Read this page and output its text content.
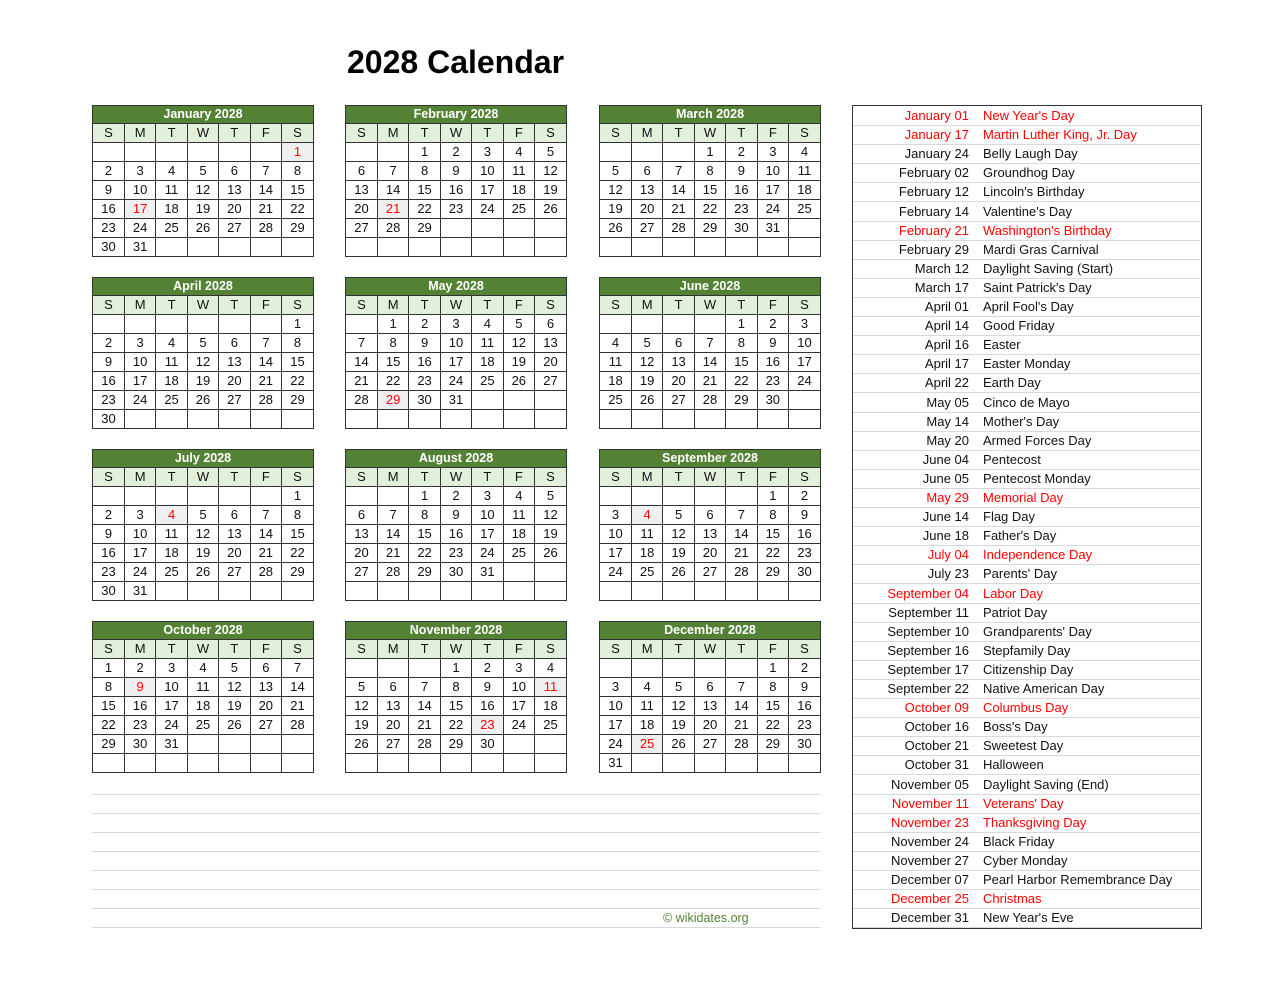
2028 Calendar
January 2028
S	M	T	W	T	F	S
						1
2	3	4	5	6	7	8
9	10	11	12	13	14	15
16	17	18	19	20	21	22
23	24	25	26	27	28	29
30	31					
February 2028
S	M	T	W	T	F	S
		1	2	3	4	5
6	7	8	9	10	11	12
13	14	15	16	17	18	19
20	21	22	23	24	25	26
27	28	29				

March 2028
S	M	T	W	T	F	S
			1	2	3	4
5	6	7	8	9	10	11
12	13	14	15	16	17	18
19	20	21	22	23	24	25
26	27	28	29	30	31	

April 2028
S	M	T	W	T	F	S
						1
2	3	4	5	6	7	8
9	10	11	12	13	14	15
16	17	18	19	20	21	22
23	24	25	26	27	28	29
30						
May 2028
S	M	T	W	T	F	S
	1	2	3	4	5	6
7	8	9	10	11	12	13
14	15	16	17	18	19	20
21	22	23	24	25	26	27
28	29	30	31			

June 2028
S	M	T	W	T	F	S
				1	2	3
4	5	6	7	8	9	10
11	12	13	14	15	16	17
18	19	20	21	22	23	24
25	26	27	28	29	30	

July 2028
S	M	T	W	T	F	S
						1
2	3	4	5	6	7	8
9	10	11	12	13	14	15
16	17	18	19	20	21	22
23	24	25	26	27	28	29
30	31					
August 2028
S	M	T	W	T	F	S
		1	2	3	4	5
6	7	8	9	10	11	12
13	14	15	16	17	18	19
20	21	22	23	24	25	26
27	28	29	30	31		

September 2028
S	M	T	W	T	F	S
					1	2
3	4	5	6	7	8	9
10	11	12	13	14	15	16
17	18	19	20	21	22	23
24	25	26	27	28	29	30

October 2028
S	M	T	W	T	F	S
1	2	3	4	5	6	7
8	9	10	11	12	13	14
15	16	17	18	19	20	21
22	23	24	25	26	27	28
29	30	31				

November 2028
S	M	T	W	T	F	S
			1	2	3	4
5	6	7	8	9	10	11
12	13	14	15	16	17	18
19	20	21	22	23	24	25
26	27	28	29	30		

December 2028
S	M	T	W	T	F	S
					1	2
3	4	5	6	7	8	9
10	11	12	13	14	15	16
17	18	19	20	21	22	23
24	25	26	27	28	29	30
31						
© wikidates.org
January 01 New Year's Day
January 17 Martin Luther King, Jr. Day
January 24 Belly Laugh Day
February 02 Groundhog Day
February 12 Lincoln's Birthday
February 14 Valentine's Day
February 21 Washington's Birthday
February 29 Mardi Gras Carnival
March 12 Daylight Saving (Start)
March 17 Saint Patrick's Day
April 01 April Fool's Day
April 14 Good Friday
April 16 Easter
April 17 Easter Monday
April 22 Earth Day
May 05 Cinco de Mayo
May 14 Mother's Day
May 20 Armed Forces Day
June 04 Pentecost
June 05 Pentecost Monday
May 29 Memorial Day
June 14 Flag Day
June 18 Father's Day
July 04 Independence Day
July 23 Parents' Day
September 04 Labor Day
September 11 Patriot Day
September 10 Grandparents' Day
September 16 Stepfamily Day
September 17 Citizenship Day
September 22 Native American Day
October 09 Columbus Day
October 16 Boss's Day
October 21 Sweetest Day
October 31 Halloween
November 05 Daylight Saving (End)
November 11 Veterans' Day
November 23 Thanksgiving Day
November 24 Black Friday
November 27 Cyber Monday
December 07 Pearl Harbor Remembrance Day
December 25 Christmas
December 31 New Year's Eve
